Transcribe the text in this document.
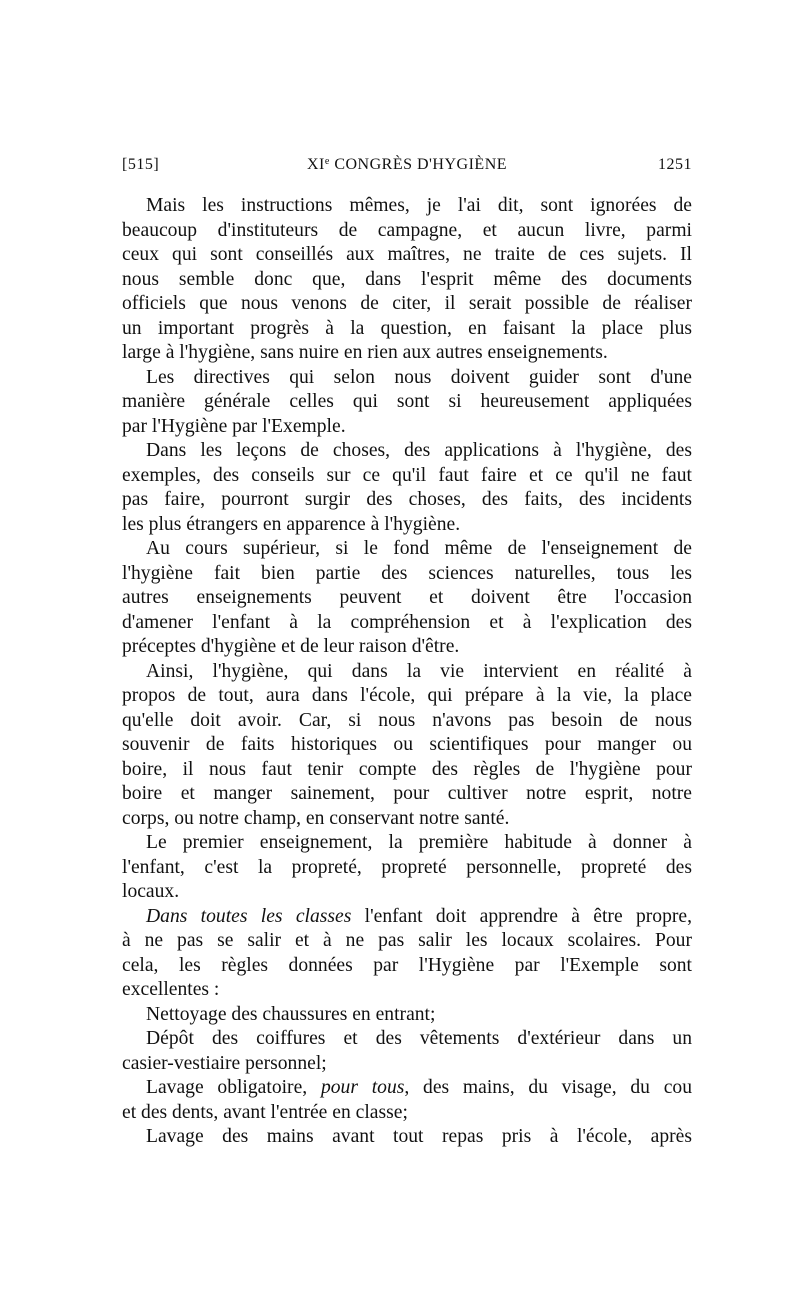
[515]	XIe CONGRÈS D'HYGIÈNE	1251
Mais les instructions mêmes, je l'ai dit, sont ignorées de
beaucoup d'instituteurs de campagne, et aucun livre, parmi
ceux qui sont conseillés aux maîtres, ne traite de ces sujets. Il
nous semble donc que, dans l'esprit même des documents
officiels que nous venons de citer, il serait possible de réaliser
un important progrès à la question, en faisant la place plus
large à l'hygiène, sans nuire en rien aux autres enseignements.
Les directives qui selon nous doivent guider sont d'une
manière générale celles qui sont si heureusement appliquées
par l'Hygiène par l'Exemple.
Dans les leçons de choses, des applications à l'hygiène, des
exemples, des conseils sur ce qu'il faut faire et ce qu'il ne faut
pas faire, pourront surgir des choses, des faits, des incidents
les plus étrangers en apparence à l'hygiène.
Au cours supérieur, si le fond même de l'enseignement de
l'hygiène fait bien partie des sciences naturelles, tous les
autres enseignements peuvent et doivent être l'occasion
d'amener l'enfant à la compréhension et à l'explication des
préceptes d'hygiène et de leur raison d'être.
Ainsi, l'hygiène, qui dans la vie intervient en réalité à
propos de tout, aura dans l'école, qui prépare à la vie, la place
qu'elle doit avoir. Car, si nous n'avons pas besoin de nous
souvenir de faits historiques ou scientifiques pour manger ou
boire, il nous faut tenir compte des règles de l'hygiène pour
boire et manger sainement, pour cultiver notre esprit, notre
corps, ou notre champ, en conservant notre santé.
Le premier enseignement, la première habitude à donner à
l'enfant, c'est la propreté, propreté personnelle, propreté des
locaux.
Dans toutes les classes l'enfant doit apprendre à être propre,
à ne pas se salir et à ne pas salir les locaux scolaires. Pour
cela, les règles données par l'Hygiène par l'Exemple sont
excellentes :
Nettoyage des chaussures en entrant;
Dépôt des coiffures et des vêtements d'extérieur dans un
casier-vestiaire personnel;
Lavage obligatoire, pour tous, des mains, du visage, du cou
et des dents, avant l'entrée en classe;
Lavage des mains avant tout repas pris à l'école, après
